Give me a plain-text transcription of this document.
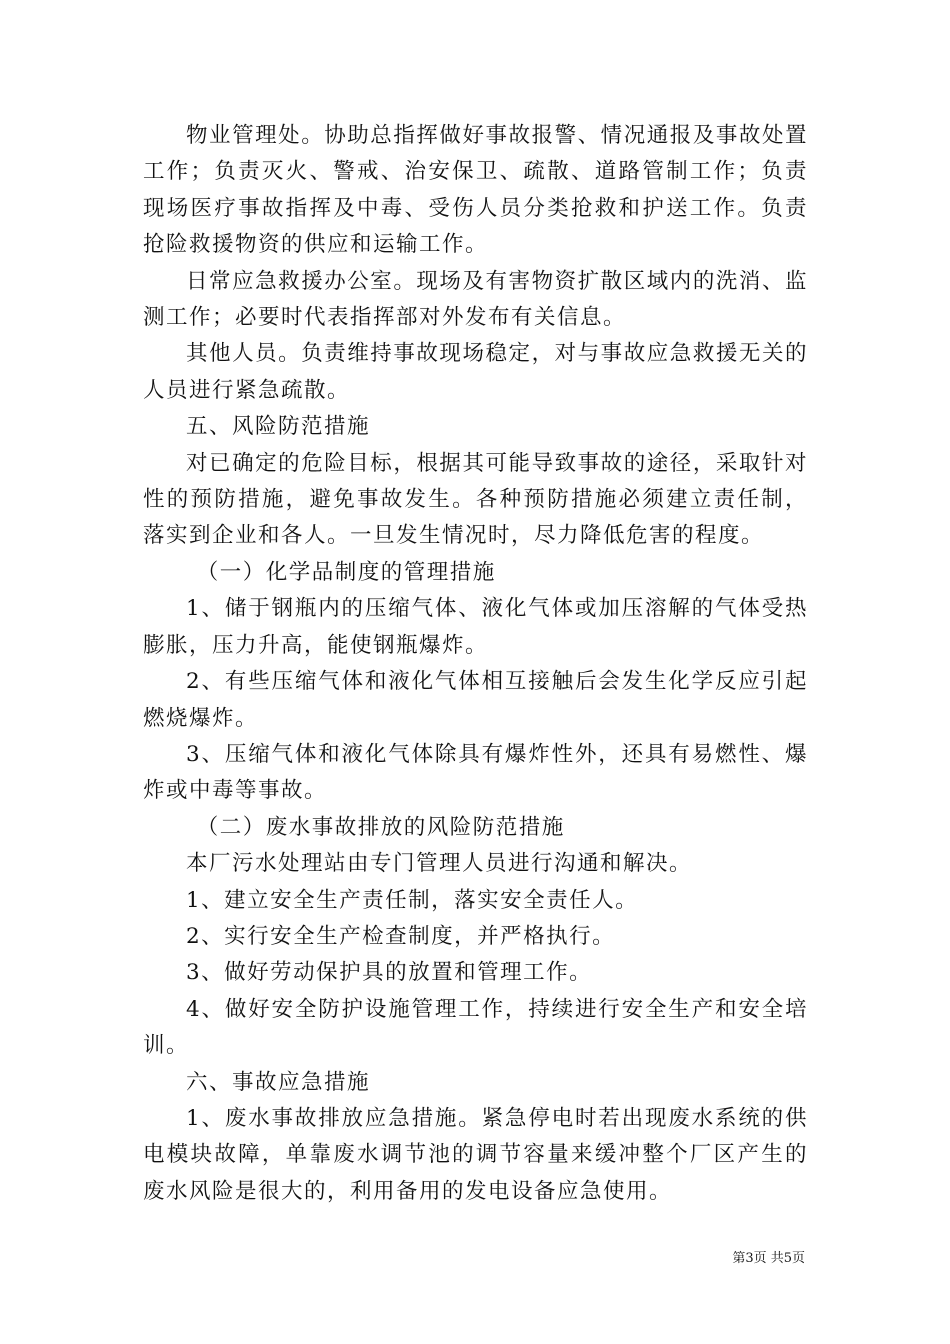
物业管理处。协助总指挥做好事故报警、情况通报及事故处置工作；负责灭火、警戒、治安保卫、疏散、道路管制工作；负责现场医疗事故指挥及中毒、受伤人员分类抢救和护送工作。负责抢险救援物资的供应和运输工作。

日常应急救援办公室。现场及有害物资扩散区域内的洗消、监测工作；必要时代表指挥部对外发布有关信息。

其他人员。负责维持事故现场稳定，对与事故应急救援无关的人员进行紧急疏散。

五、风险防范措施

对已确定的危险目标，根据其可能导致事故的途径，采取针对性的预防措施，避免事故发生。各种预防措施必须建立责任制，落实到企业和各人。一旦发生情况时，尽力降低危害的程度。

（一）化学品制度的管理措施

1、储于钢瓶内的压缩气体、液化气体或加压溶解的气体受热膨胀，压力升高，能使钢瓶爆炸。

2、有些压缩气体和液化气体相互接触后会发生化学反应引起燃烧爆炸。

3、压缩气体和液化气体除具有爆炸性外，还具有易燃性、爆炸或中毒等事故。

（二）废水事故排放的风险防范措施

本厂污水处理站由专门管理人员进行沟通和解决。

1、建立安全生产责任制，落实安全责任人。

2、实行安全生产检查制度，并严格执行。

3、做好劳动保护具的放置和管理工作。

4、做好安全防护设施管理工作，持续进行安全生产和安全培训。

六、事故应急措施

1、废水事故排放应急措施。紧急停电时若出现废水系统的供电模块故障，单靠废水调节池的调节容量来缓冲整个厂区产生的废水风险是很大的，利用备用的发电设备应急使用。

第3页 共5页
